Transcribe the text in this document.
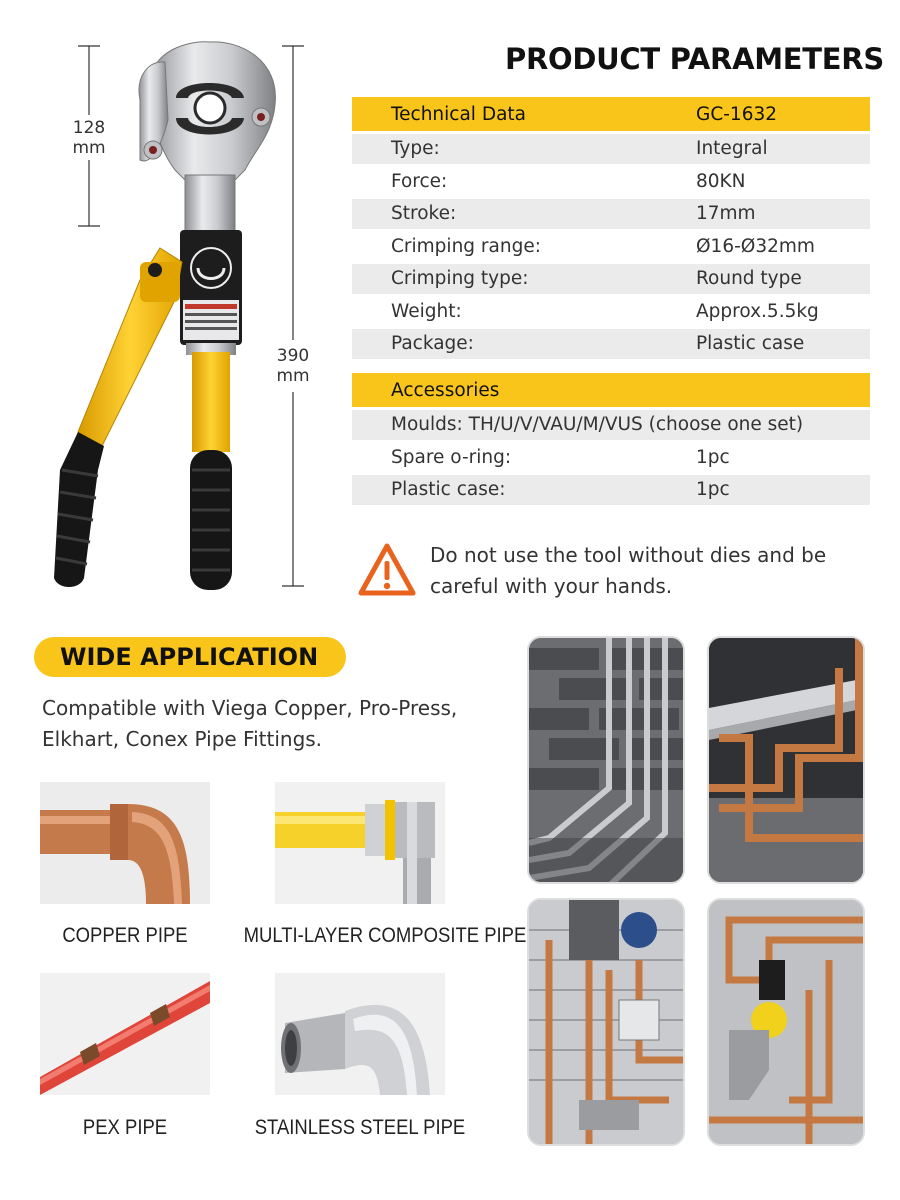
128
mm
390
mm
PRODUCT PARAMETERS
Technical Data	GC-1632
Type:	Integral
Force:	80KN
Stroke:	17mm
Crimping range:	Ø16-Ø32mm
Crimping type:	Round type
Weight:	Approx.5.5kg
Package:	Plastic case
Accessories
Moulds: TH/U/V/VAU/M/VUS (choose one set)
Spare o-ring:	1pc
Plastic case:	1pc
Do not use the tool without dies and be
careful with your hands.
WIDE APPLICATION
Compatible with Viega Copper, Pro-Press,
Elkhart, Conex Pipe Fittings.
COPPER PIPE	MULTI-LAYER COMPOSITE PIPE
PEX PIPE	STAINLESS STEEL PIPE
